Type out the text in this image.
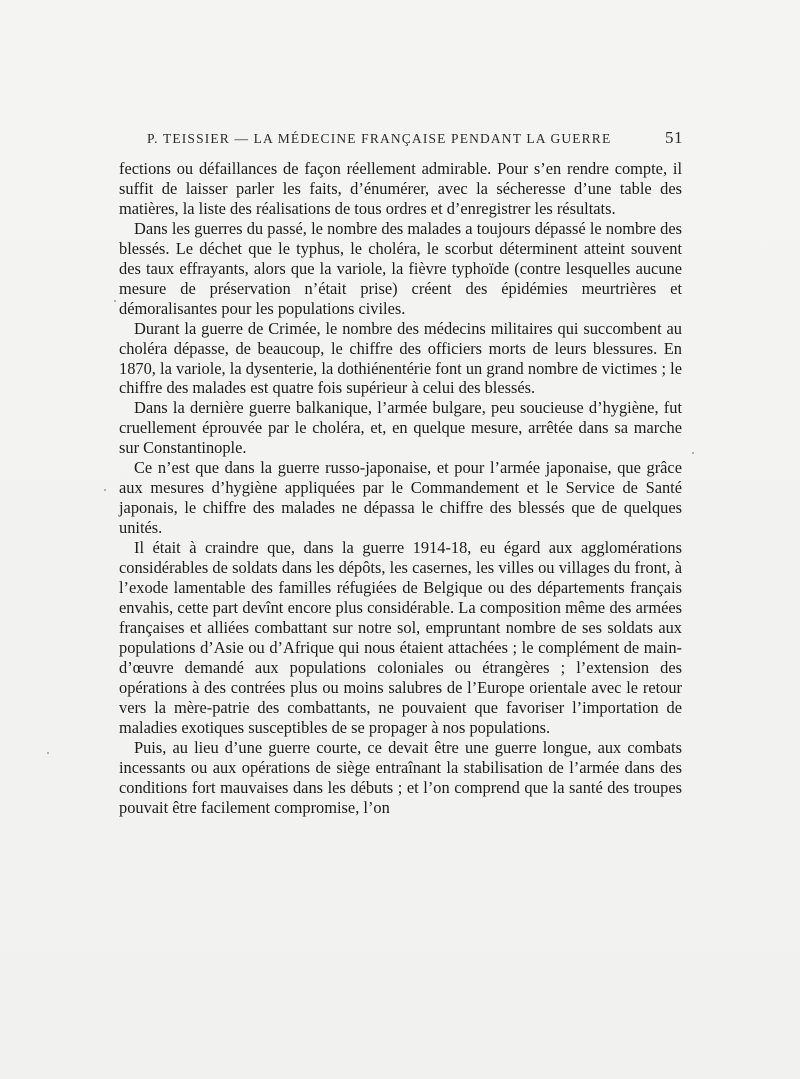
P. TEISSIER — LA MÉDECINE FRANÇAISE PENDANT LA GUERRE	51

fections ou défaillances de façon réellement admirable. Pour s’en rendre compte, il suffit de laisser parler les faits, d’énumérer, avec la sécheresse d’une table des matières, la liste des réalisations de tous ordres et d’enregistrer les résultats.

Dans les guerres du passé, le nombre des malades a toujours dépassé le nombre des blessés. Le déchet que le typhus, le choléra, le scorbut déterminent atteint souvent des taux effrayants, alors que la variole, la fièvre typhoïde (contre lesquelles aucune mesure de préservation n’était prise) créent des épidémies meurtrières et démoralisantes pour les populations civiles.

Durant la guerre de Crimée, le nombre des médecins militaires qui succombent au choléra dépasse, de beaucoup, le chiffre des officiers morts de leurs blessures. En 1870, la variole, la dysenterie, la dothiénentérie font un grand nombre de victimes ; le chiffre des malades est quatre fois supérieur à celui des blessés.

Dans la dernière guerre balkanique, l’armée bulgare, peu soucieuse d’hygiène, fut cruellement éprouvée par le choléra, et, en quelque mesure, arrêtée dans sa marche sur Constantinople.

Ce n’est que dans la guerre russo-japonaise, et pour l’armée japonaise, que grâce aux mesures d’hygiène appliquées par le Commandement et le Service de Santé japonais, le chiffre des malades ne dépassa le chiffre des blessés que de quelques unités.

Il était à craindre que, dans la guerre 1914-18, eu égard aux agglomérations considérables de soldats dans les dépôts, les casernes, les villes ou villages du front, à l’exode lamentable des familles réfugiées de Belgique ou des départements français envahis, cette part devînt encore plus considérable. La composition même des armées françaises et alliées combattant sur notre sol, empruntant nombre de ses soldats aux populations d’Asie ou d’Afrique qui nous étaient attachées ; le complément de main-d’œuvre demandé aux populations coloniales ou étrangères ; l’extension des opérations à des contrées plus ou moins salubres de l’Europe orientale avec le retour vers la mère-patrie des combattants, ne pouvaient que favoriser l’importation de maladies exotiques susceptibles de se propager à nos populations.

Puis, au lieu d’une guerre courte, ce devait être une guerre longue, aux combats incessants ou aux opérations de siège entraînant la stabilisation de l’armée dans des conditions fort mauvaises dans les débuts ; et l’on comprend que la santé des troupes pouvait être facilement compromise, l’on
